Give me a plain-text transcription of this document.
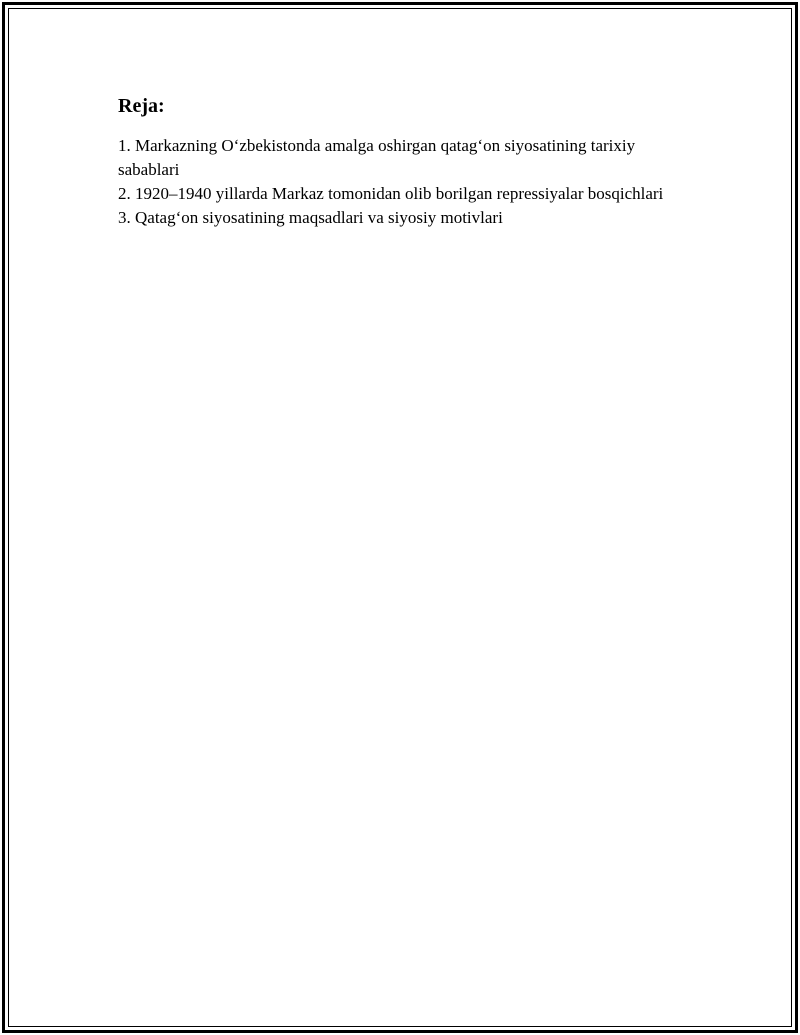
Reja:
1. Markazning O‘zbekistonda amalga oshirgan qatag‘on siyosatining tarixiy sabablari
2. 1920–1940 yillarda Markaz tomonidan olib borilgan repressiyalar bosqichlari
3. Qatag‘on siyosatining maqsadlari va siyosiy motivlari
